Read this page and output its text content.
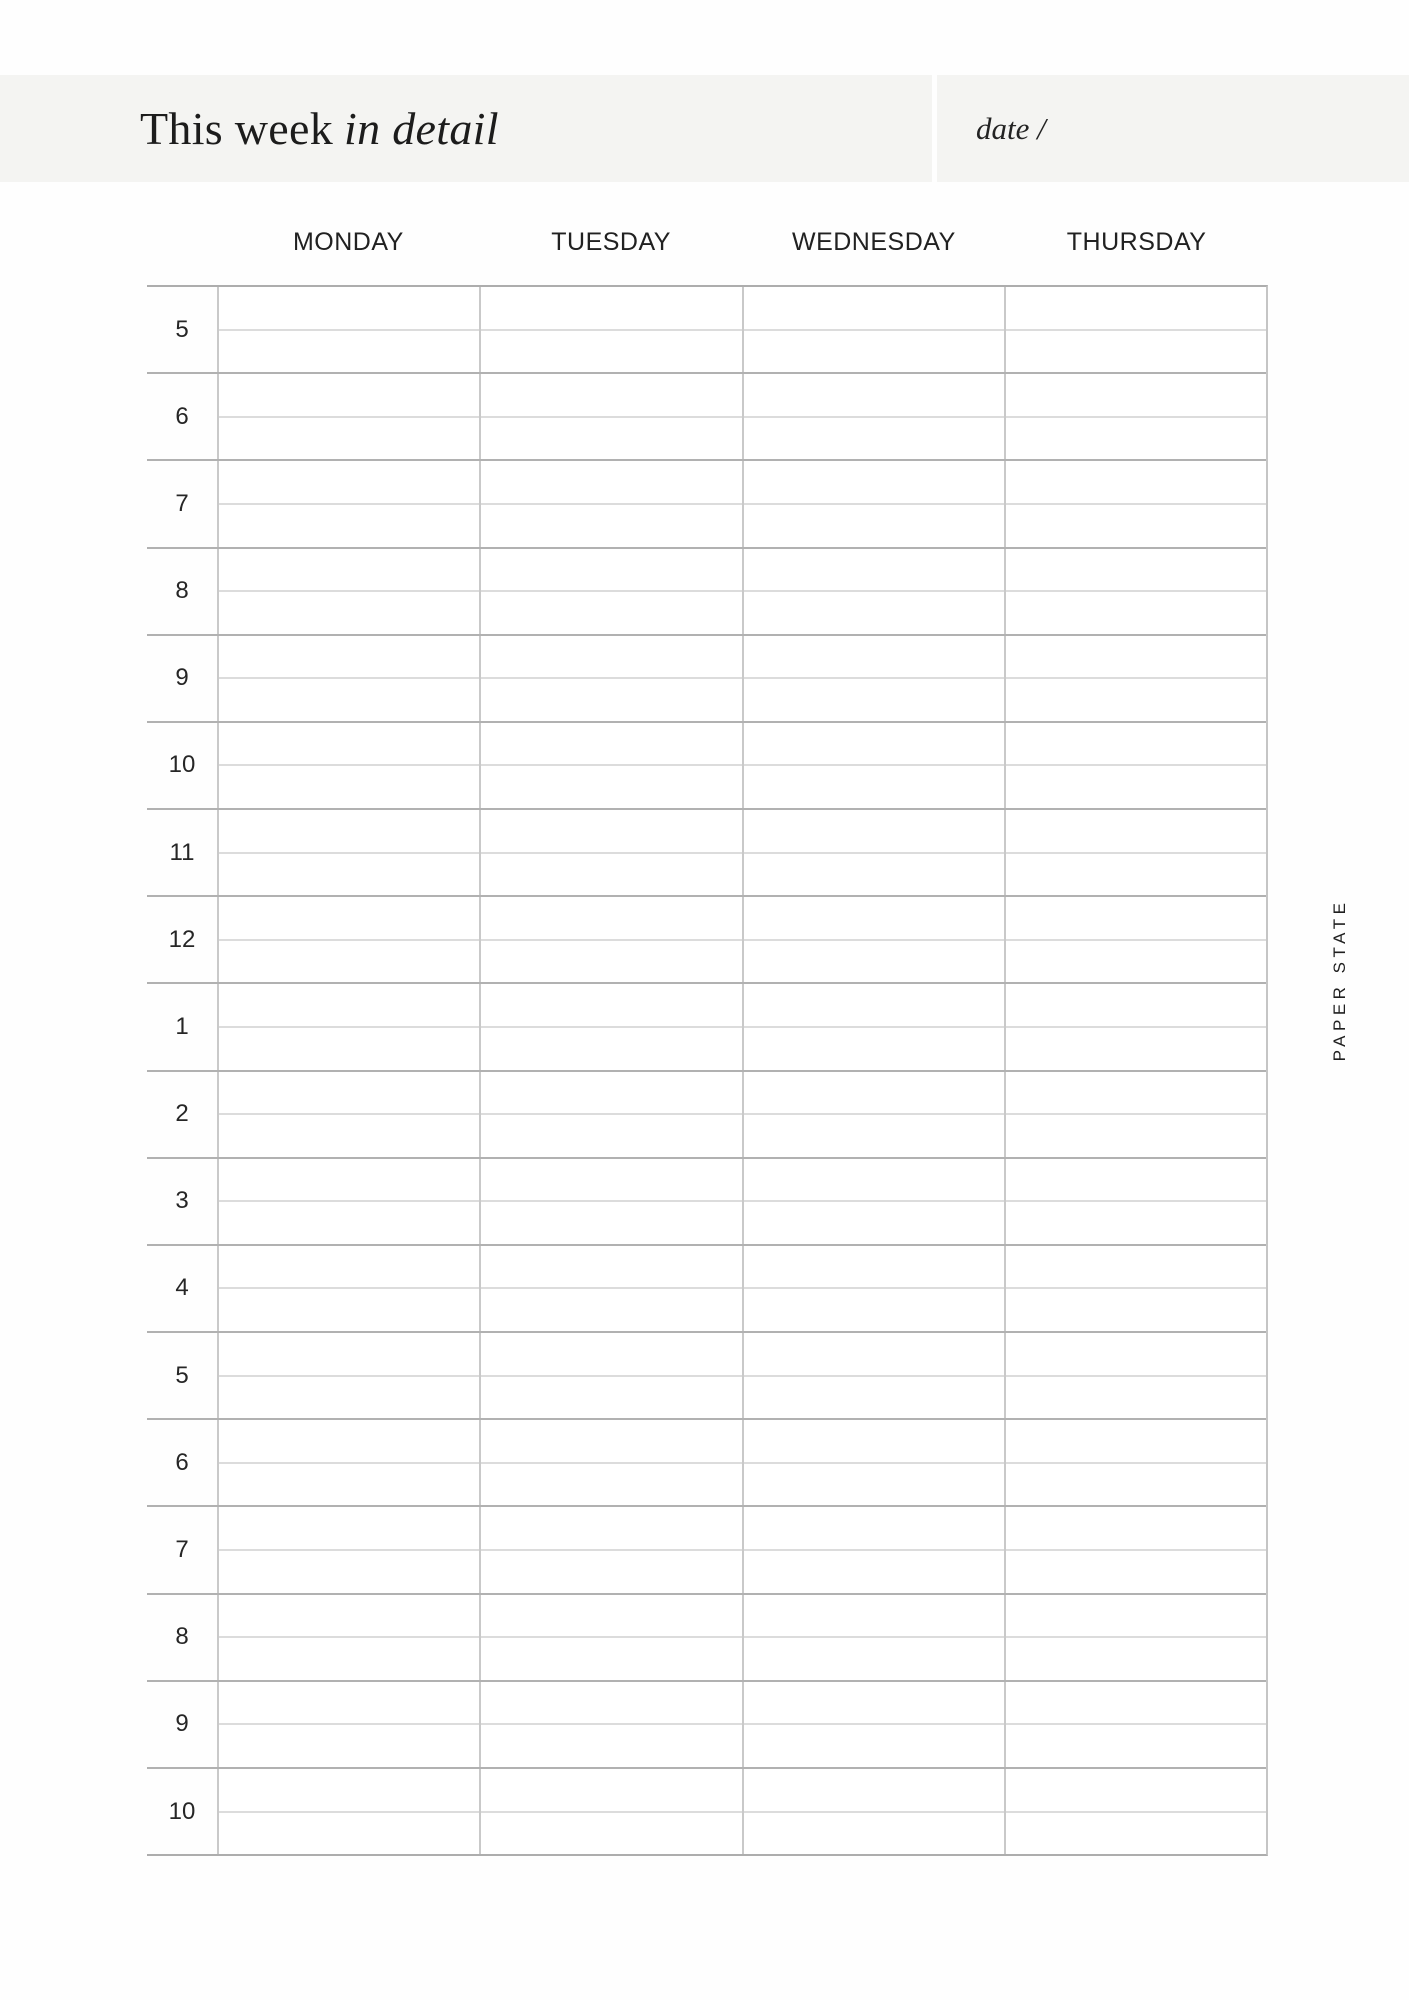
This week in detail	date /
MONDAY	TUESDAY	WEDNESDAY	THURSDAY
5
6
7
8
9
10
11
12
1
2
3
4
5
6
7
8
9
10
PAPER STATE
